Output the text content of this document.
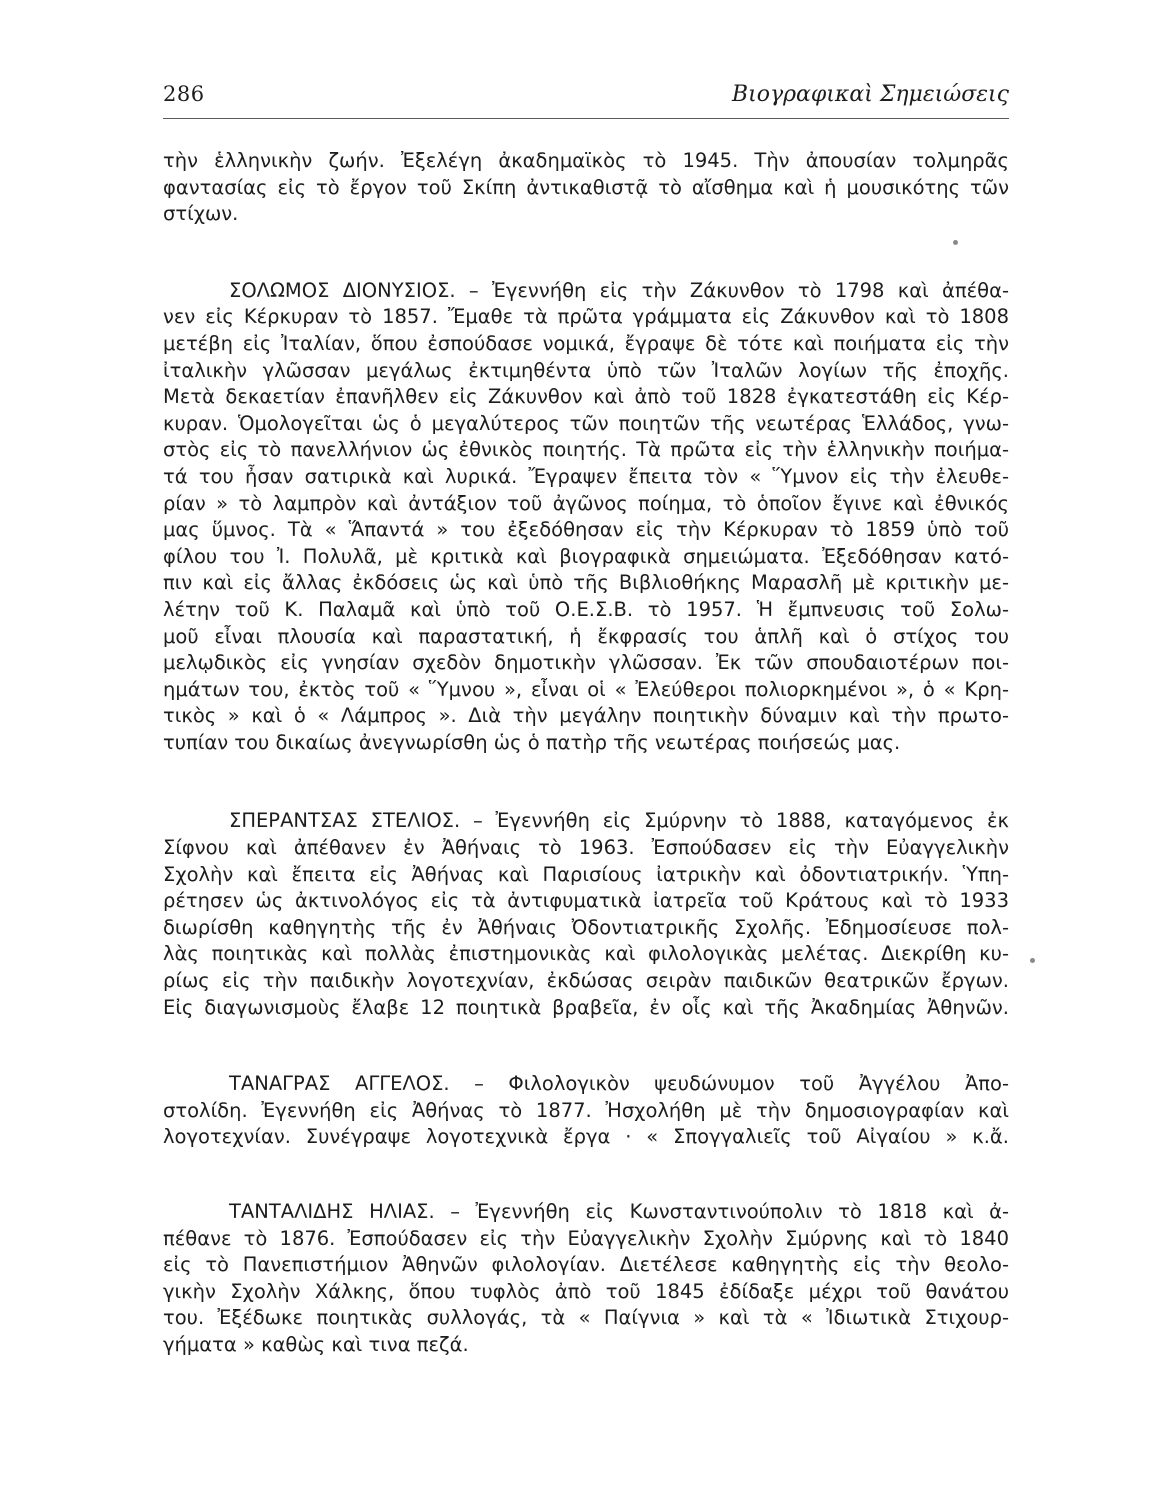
286	Βιογραφικαὶ Σημειώσεις
τὴν ἑλληνικὴν ζωήν. Ἐξελέγη ἀκαδημαϊκὸς τὸ 1945. Τὴν ἀπουσίαν τολμηρᾶς
φαντασίας εἰς τὸ ἔργον τοῦ Σκίπη ἀντικαθιστᾷ τὸ αἴσθημα καὶ ἡ μουσικότης τῶν
στίχων.
ΣΟΛΩΜΟΣ ΔΙΟΝΥΣΙΟΣ. – Ἐγεννήθη εἰς τὴν Ζάκυνθον τὸ 1798 καὶ ἀπέθα-
νεν εἰς Κέρκυραν τὸ 1857. Ἔμαθε τὰ πρῶτα γράμματα εἰς Ζάκυνθον καὶ τὸ 1808
μετέβη εἰς Ἰταλίαν, ὅπου ἐσπούδασε νομικά, ἔγραψε δὲ τότε καὶ ποιήματα εἰς τὴν
ἰταλικὴν γλῶσσαν μεγάλως ἐκτιμηθέντα ὑπὸ τῶν Ἰταλῶν λογίων τῆς ἐποχῆς.
Μετὰ δεκαετίαν ἐπανῆλθεν εἰς Ζάκυνθον καὶ ἀπὸ τοῦ 1828 ἐγκατεστάθη εἰς Κέρ-
κυραν. Ὁμολογεῖται ὡς ὁ μεγαλύτερος τῶν ποιητῶν τῆς νεωτέρας Ἑλλάδος, γνω-
στὸς εἰς τὸ πανελλήνιον ὡς ἐθνικὸς ποιητής. Τὰ πρῶτα εἰς τὴν ἑλληνικὴν ποιήμα-
τά του ἦσαν σατιρικὰ καὶ λυρικά. Ἔγραψεν ἔπειτα τὸν « Ὕμνον εἰς τὴν ἐλευθε-
ρίαν » τὸ λαμπρὸν καὶ ἀντάξιον τοῦ ἀγῶνος ποίημα, τὸ ὁποῖον ἔγινε καὶ ἐθνικός
μας ὕμνος. Τὰ « Ἅπαντά » του ἐξεδόθησαν εἰς τὴν Κέρκυραν τὸ 1859 ὑπὸ τοῦ
φίλου του Ἰ. Πολυλᾶ, μὲ κριτικὰ καὶ βιογραφικὰ σημειώματα. Ἐξεδόθησαν κατό-
πιν καὶ εἰς ἄλλας ἐκδόσεις ὡς καὶ ὑπὸ τῆς Βιβλιοθήκης Μαρασλῆ μὲ κριτικὴν με-
λέτην τοῦ Κ. Παλαμᾶ καὶ ὑπὸ τοῦ Ο.Ε.Σ.Β. τὸ 1957. Ἡ ἔμπνευσις τοῦ Σολω-
μοῦ εἶναι πλουσία καὶ παραστατική, ἡ ἔκφρασίς του ἁπλῆ καὶ ὁ στίχος του
μελῳδικὸς εἰς γνησίαν σχεδὸν δημοτικὴν γλῶσσαν. Ἐκ τῶν σπουδαιοτέρων ποι-
ημάτων του, ἐκτὸς τοῦ « Ὕμνου », εἶναι οἱ « Ἐλεύθεροι πολιορκημένοι », ὁ « Κρη-
τικὸς » καὶ ὁ « Λάμπρος ». Διὰ τὴν μεγάλην ποιητικὴν δύναμιν καὶ τὴν πρωτο-
τυπίαν του δικαίως ἀνεγνωρίσθη ὡς ὁ πατὴρ τῆς νεωτέρας ποιήσεώς μας.
ΣΠΕΡΑΝΤΣΑΣ ΣΤΕΛΙΟΣ. – Ἐγεννήθη εἰς Σμύρνην τὸ 1888, καταγόμενος ἐκ
Σίφνου καὶ ἀπέθανεν ἐν Ἀθήναις τὸ 1963. Ἐσπούδασεν εἰς τὴν Εὐαγγελικὴν
Σχολὴν καὶ ἔπειτα εἰς Ἀθήνας καὶ Παρισίους ἰατρικὴν καὶ ὀδοντιατρικήν. Ὑπη-
ρέτησεν ὡς ἀκτινολόγος εἰς τὰ ἀντιφυματικὰ ἰατρεῖα τοῦ Κράτους καὶ τὸ 1933
διωρίσθη καθηγητὴς τῆς ἐν Ἀθήναις Ὀδοντιατρικῆς Σχολῆς. Ἐδημοσίευσε πολ-
λὰς ποιητικὰς καὶ πολλὰς ἐπιστημονικὰς καὶ φιλολογικὰς μελέτας. Διεκρίθη κυ-
ρίως εἰς τὴν παιδικὴν λογοτεχνίαν, ἐκδώσας σειρὰν παιδικῶν θεατρικῶν ἔργων.
Εἰς διαγωνισμοὺς ἔλαβε 12 ποιητικὰ βραβεῖα, ἐν οἷς καὶ τῆς Ἀκαδημίας Ἀθηνῶν.
ΤΑΝΑΓΡΑΣ ΑΓΓΕΛΟΣ. – Φιλολογικὸν ψευδώνυμον τοῦ Ἀγγέλου Ἀπο-
στολίδη. Ἐγεννήθη εἰς Ἀθήνας τὸ 1877. Ἠσχολήθη μὲ τὴν δημοσιογραφίαν καὶ
λογοτεχνίαν. Συνέγραψε λογοτεχνικὰ ἔργα · « Σπογγαλιεῖς τοῦ Αἰγαίου » κ.ἄ.
ΤΑΝΤΑΛΙΔΗΣ ΗΛΙΑΣ. – Ἐγεννήθη εἰς Κωνσταντινούπολιν τὸ 1818 καὶ ἀ-
πέθανε τὸ 1876. Ἐσπούδασεν εἰς τὴν Εὐαγγελικὴν Σχολὴν Σμύρνης καὶ τὸ 1840
εἰς τὸ Πανεπιστήμιον Ἀθηνῶν φιλολογίαν. Διετέλεσε καθηγητὴς εἰς τὴν θεολο-
γικὴν Σχολὴν Χάλκης, ὅπου τυφλὸς ἀπὸ τοῦ 1845 ἐδίδαξε μέχρι τοῦ θανάτου
του. Ἐξέδωκε ποιητικὰς συλλογάς, τὰ « Παίγνια » καὶ τὰ « Ἰδιωτικὰ Στιχουρ-
γήματα » καθὼς καὶ τινα πεζά.
